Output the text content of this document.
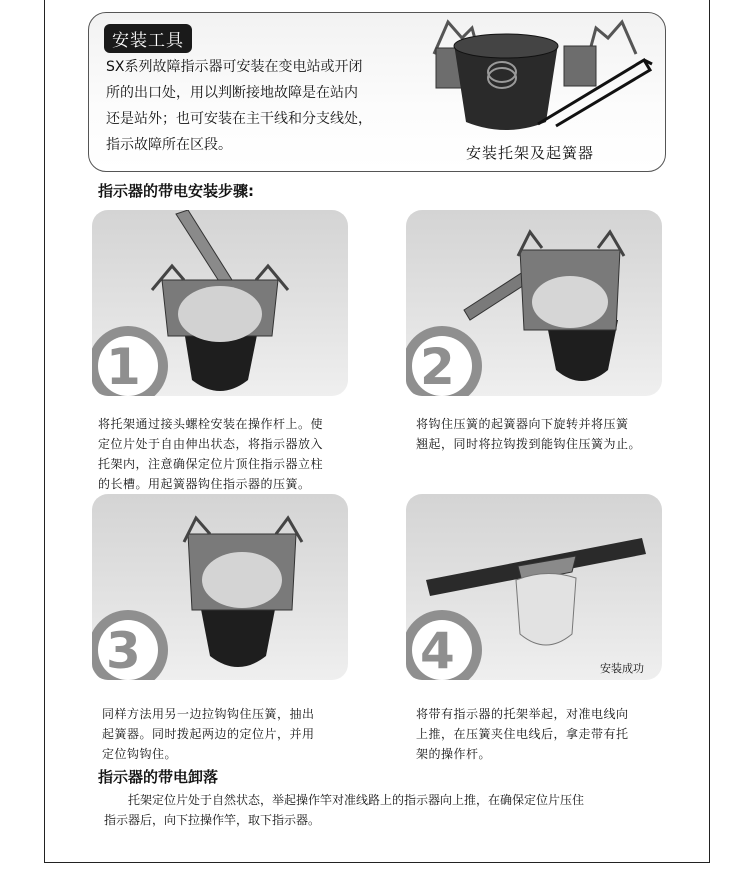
安装工具
SX系列故障指示器可安装在变电站或开闭
所的出口处，用以判断接地故障是在站内
还是站外；也可安装在主干线和分支线处，
指示故障所在区段。	安装托架及起簧器
指示器的带电安装步骤:
1	2
将托架通过接头螺栓安装在操作杆上。使
定位片处于自由伸出状态，将指示器放入
托架内，注意确保定位片顶住指示器立柱
的长槽。用起簧器钩住指示器的压簧。
将钩住压簧的起簧器向下旋转并将压簧
翘起，同时将拉钩拨到能钩住压簧为止。
3	4	安装成功
同样方法用另一边拉钩钩住压簧，抽出
起簧器。同时拨起两边的定位片，并用
定位钩钩住。
将带有指示器的托架举起，对准电线向
上推，在压簧夹住电线后，拿走带有托
架的操作杆。
指示器的带电卸落
托架定位片处于自然状态，举起操作竿对准线路上的指示器向上推，在确保定位片压住
指示器后，向下拉操作竿，取下指示器。
